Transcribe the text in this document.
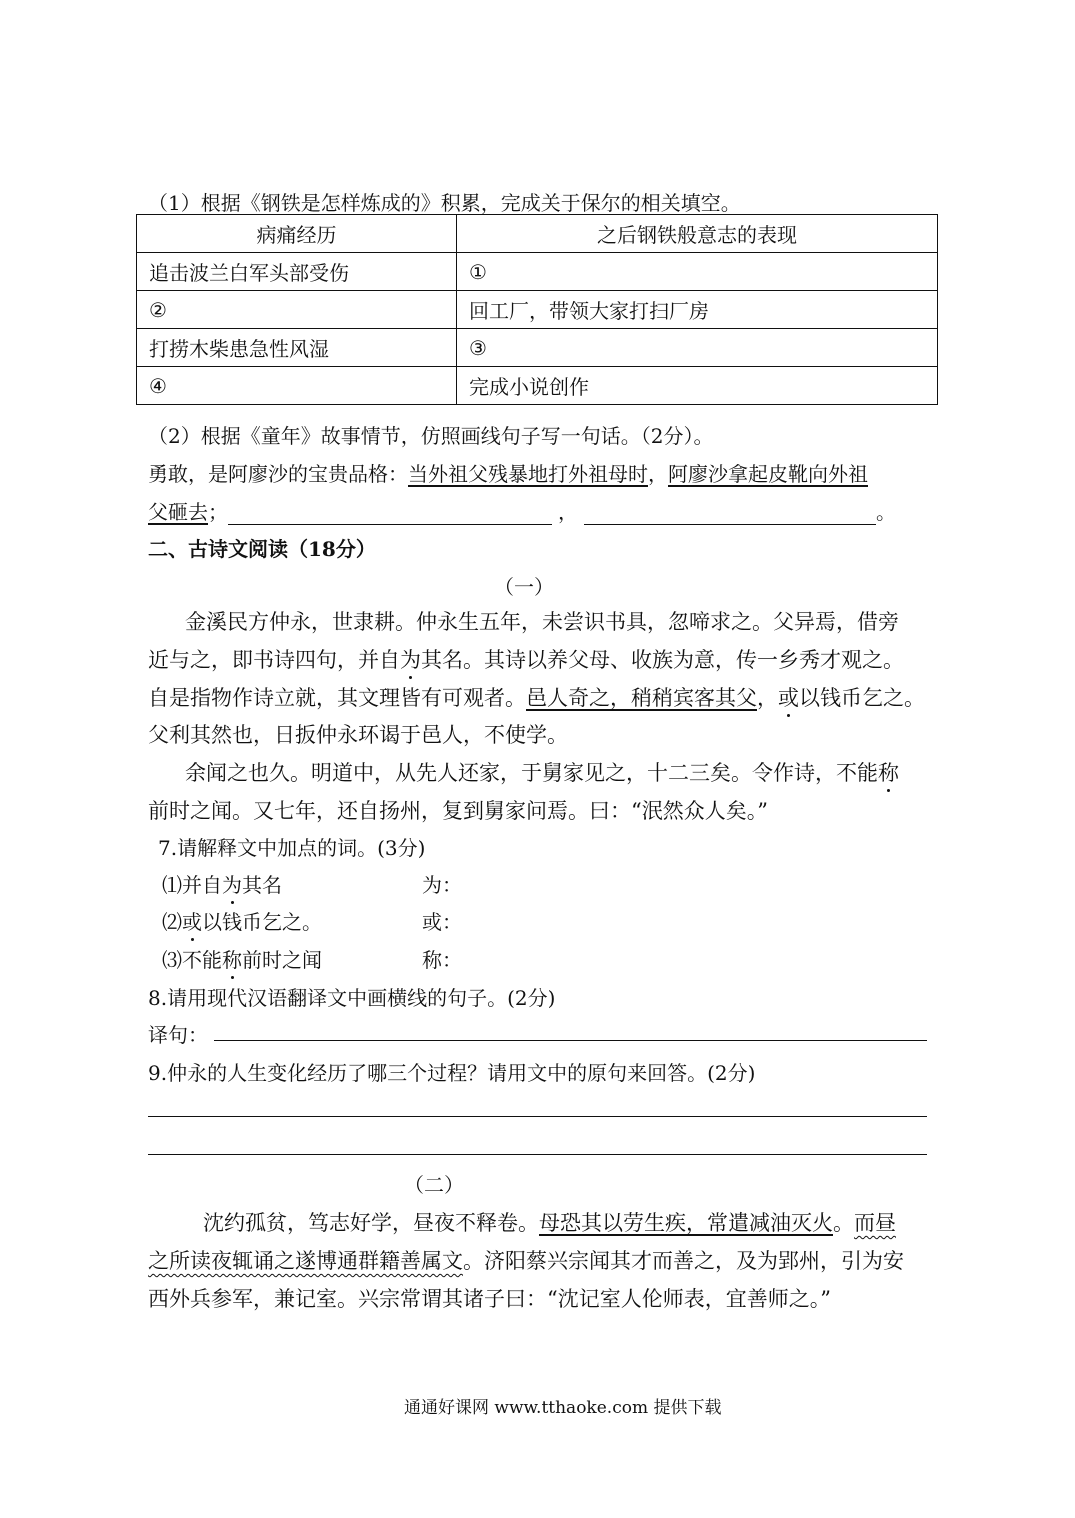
（1）根据《钢铁是怎样炼成的》积累，完成关于保尔的相关填空。
病痛经历	之后钢铁般意志的表现
追击波兰白军头部受伤	①
②	回工厂，带领大家打扫厂房
打捞木柴患急性风湿	③
④	完成小说创作
（2）根据《童年》故事情节，仿照画线句子写一句话。（2分）。
勇敢，是阿廖沙的宝贵品格：当外祖父残暴地打外祖母时，阿廖沙拿起皮靴向外祖
父砸去；	，	。
二、古诗文阅读（18分）
（一）
金溪民方仲永，世隶耕。仲永生五年，未尝识书具，忽啼求之。父异焉，借旁
近与之，即书诗四句，并自为其名。其诗以养父母、收族为意，传一乡秀才观之。
自是指物作诗立就，其文理皆有可观者。邑人奇之，稍稍宾客其父，或以钱币乞之。
父利其然也，日扳仲永环谒于邑人，不使学。
余闻之也久。明道中，从先人还家，于舅家见之，十二三矣。令作诗，不能称
前时之闻。又七年，还自扬州，复到舅家问焉。曰：“泯然众人矣。”
7.请解释文中加点的词。(3分)
⑴并自为其名	为：
⑵或以钱币乞之。	或：
⑶不能称前时之闻	称：
8.请用现代汉语翻译文中画横线的句子。(2分)
译句：
9.仲永的人生变化经历了哪三个过程？请用文中的原句来回答。(2分)
（二）
沈约孤贫，笃志好学，昼夜不释卷。母恐其以劳生疾，常遣减油灭火。而昼
之所读夜辄诵之遂博通群籍善属文。济阳蔡兴宗闻其才而善之，及为郢州，引为安
西外兵参军，兼记室。兴宗常谓其诸子曰：“沈记室人伦师表，宜善师之。”
通通好课网 www.tthaoke.com 提供下载
